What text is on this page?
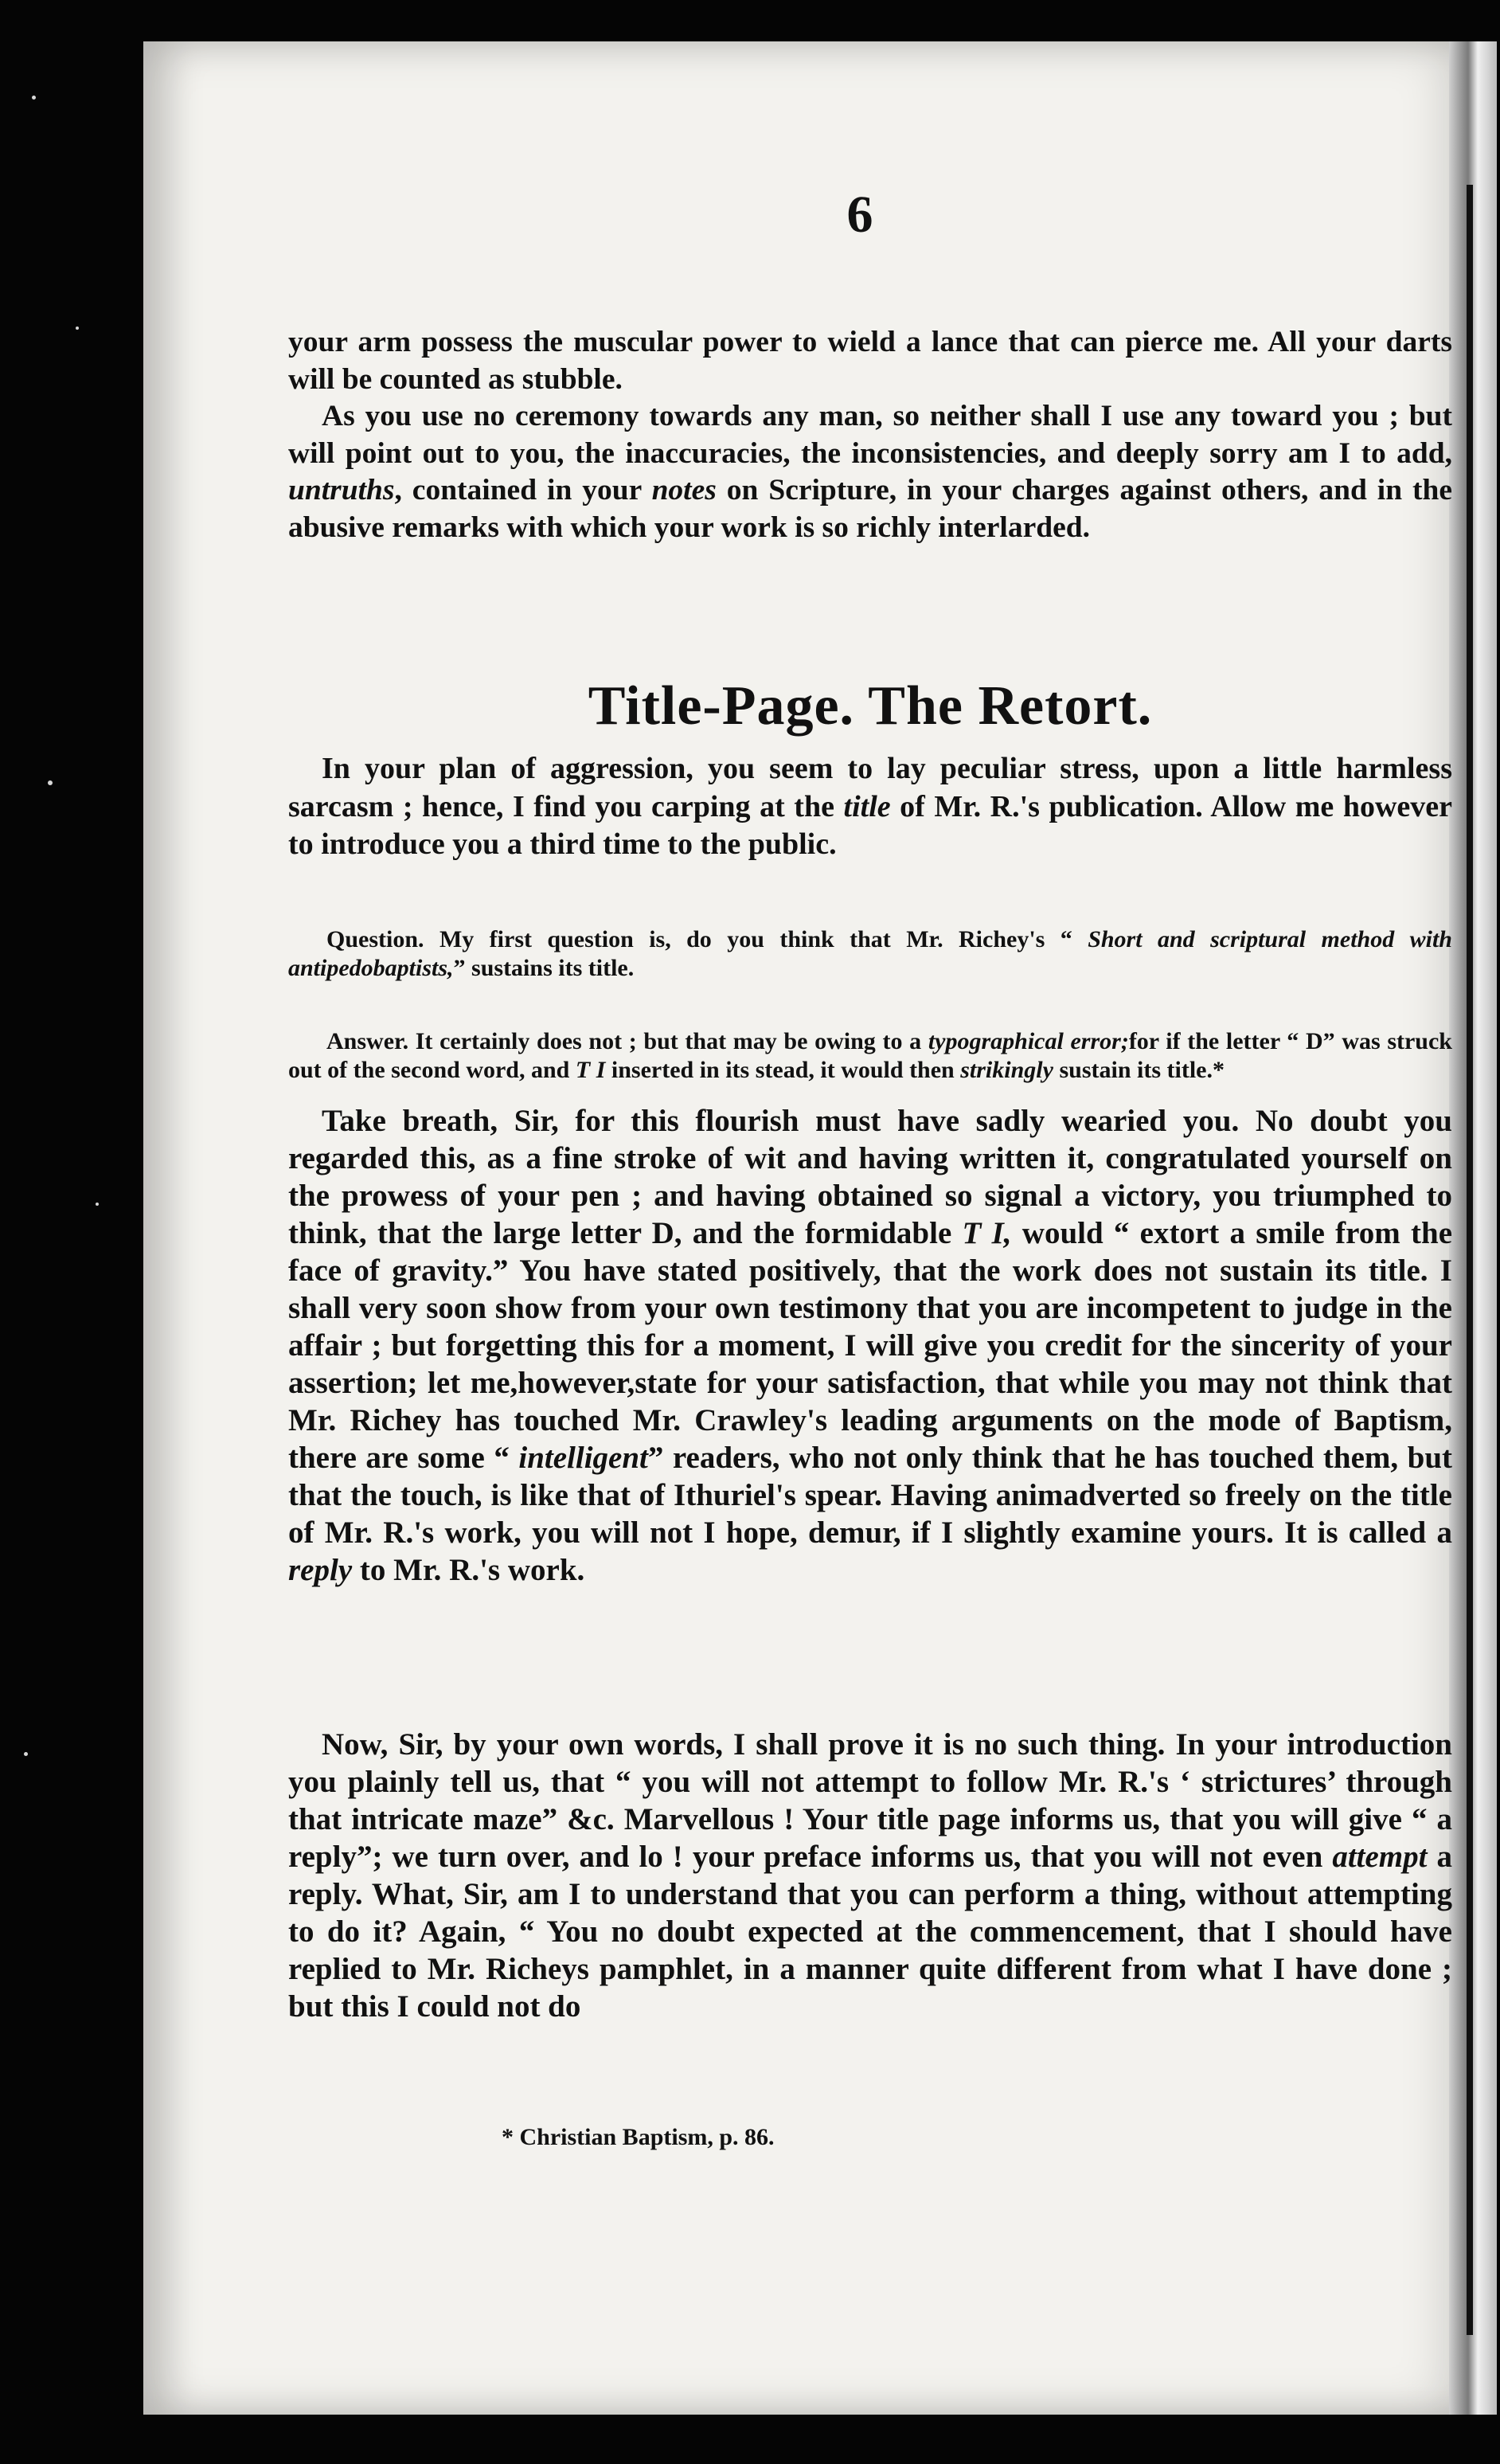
6

your arm possess the muscular power to wield a lance that can pierce me. All your darts will be counted as stubble.

As you use no ceremony towards any man, so neither shall I use any toward you ; but will point out to you, the inaccuracies, the inconsistencies, and deeply sorry am I to add, untruths, contained in your notes on Scripture, in your charges against others, and in the abusive remarks with which your work is so richly interlarded.

Title-Page. The Retort.

In your plan of aggression, you seem to lay peculiar stress, upon a little harmless sarcasm ; hence, I find you carping at the title of Mr. R.'s publication. Allow me however to introduce you a third time to the public.

Question. My first question is, do you think that Mr. Richey's “ Short and scriptural method with antipedobaptists,” sustains its title.

Answer. It certainly does not ; but that may be owing to a typographical error;for if the letter “ D” was struck out of the second word, and T I inserted in its stead, it would then strikingly sustain its title.*

Take breath, Sir, for this flourish must have sadly wearied you. No doubt you regarded this, as a fine stroke of wit and having written it, congratulated yourself on the prowess of your pen ; and having obtained so signal a victory, you triumphed to think, that the large letter D, and the formidable T I, would “ extort a smile from the face of gravity.” You have stated positively, that the work does not sustain its title. I shall very soon show from your own testimony that you are incompetent to judge in the affair ; but forgetting this for a moment, I will give you credit for the sincerity of your assertion; let me,however,state for your satisfaction, that while you may not think that Mr. Richey has touched Mr. Crawley's leading arguments on the mode of Baptism, there are some “ intelligent” readers, who not only think that he has touched them, but that the touch, is like that of Ithuriel's spear. Having animadverted so freely on the title of Mr. R.'s work, you will not I hope, demur, if I slightly examine yours. It is called a reply to Mr. R.'s work.

Now, Sir, by your own words, I shall prove it is no such thing. In your introduction you plainly tell us, that “ you will not attempt to follow Mr. R.'s ‘ strictures’ through that intricate maze” &c. Marvellous ! Your title page informs us, that you will give “ a reply”; we turn over, and lo ! your preface informs us, that you will not even attempt a reply. What, Sir, am I to understand that you can perform a thing, without attempting to do it? Again, “ You no doubt expected at the commencement, that I should have replied to Mr. Richeys pamphlet, in a manner quite different from what I have done ; but this I could not do

* Christian Baptism, p. 86.
